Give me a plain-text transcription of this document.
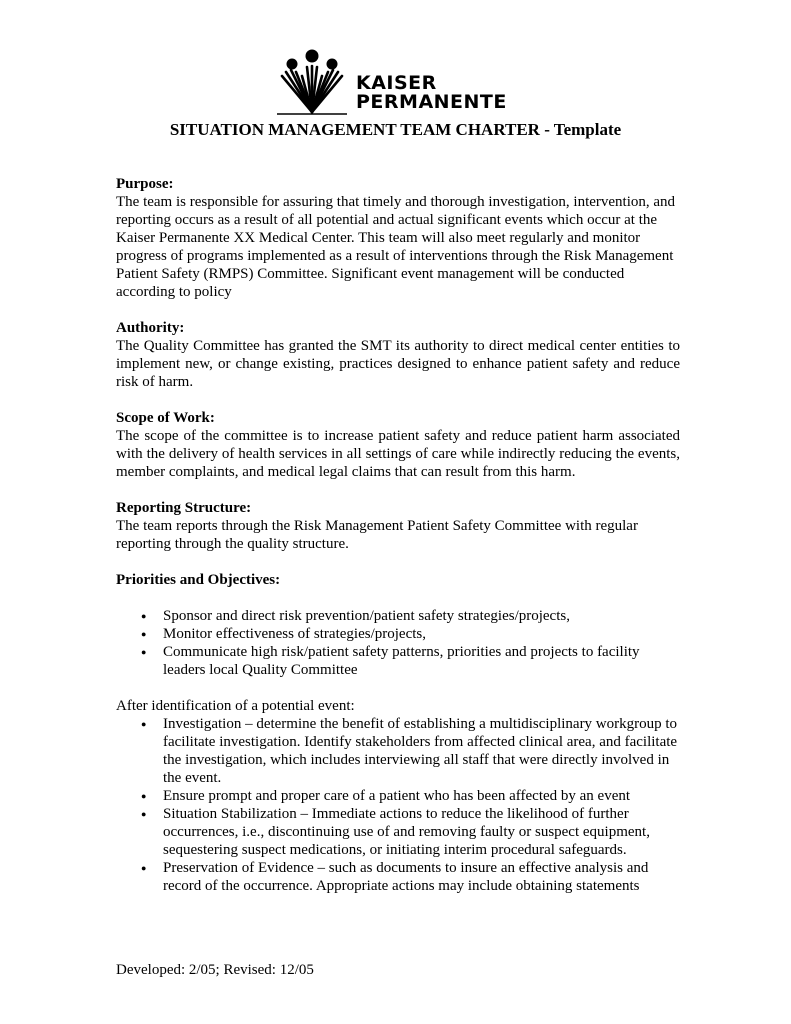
KAISER
PERMANENTE
SITUATION MANAGEMENT TEAM CHARTER - Template
Purpose:
The team is responsible for assuring that timely and thorough investigation, intervention, and reporting occurs as a result of all potential and actual significant events which occur at the Kaiser Permanente XX Medical Center. This team will also meet regularly and monitor progress of programs implemented as a result of interventions through the Risk Management Patient Safety (RMPS) Committee. Significant event management will be conducted according to policy
Authority:
The Quality Committee has granted the SMT its authority to direct medical center entities to implement new, or change existing, practices designed to enhance patient safety and reduce risk of harm.
Scope of Work:
The scope of the committee is to increase patient safety and reduce patient harm associated with the delivery of health services in all settings of care while indirectly reducing the events, member complaints, and medical legal claims that can result from this harm.
Reporting Structure:
The team reports through the Risk Management Patient Safety Committee with regular reporting through the quality structure.
Priorities and Objectives:
● Sponsor and direct risk prevention/patient safety strategies/projects,
● Monitor effectiveness of strategies/projects,
● Communicate high risk/patient safety patterns, priorities and projects to facility leaders local Quality Committee
After identification of a potential event:
● Investigation – determine the benefit of establishing a multidisciplinary workgroup to facilitate investigation. Identify stakeholders from affected clinical area, and facilitate the investigation, which includes interviewing all staff that were directly involved in the event.
● Ensure prompt and proper care of a patient who has been affected by an event
● Situation Stabilization – Immediate actions to reduce the likelihood of further occurrences, i.e., discontinuing use of and removing faulty or suspect equipment, sequestering suspect medications, or initiating interim procedural safeguards.
● Preservation of Evidence – such as documents to insure an effective analysis and record of the occurrence. Appropriate actions may include obtaining statements
Developed: 2/05; Revised: 12/05
